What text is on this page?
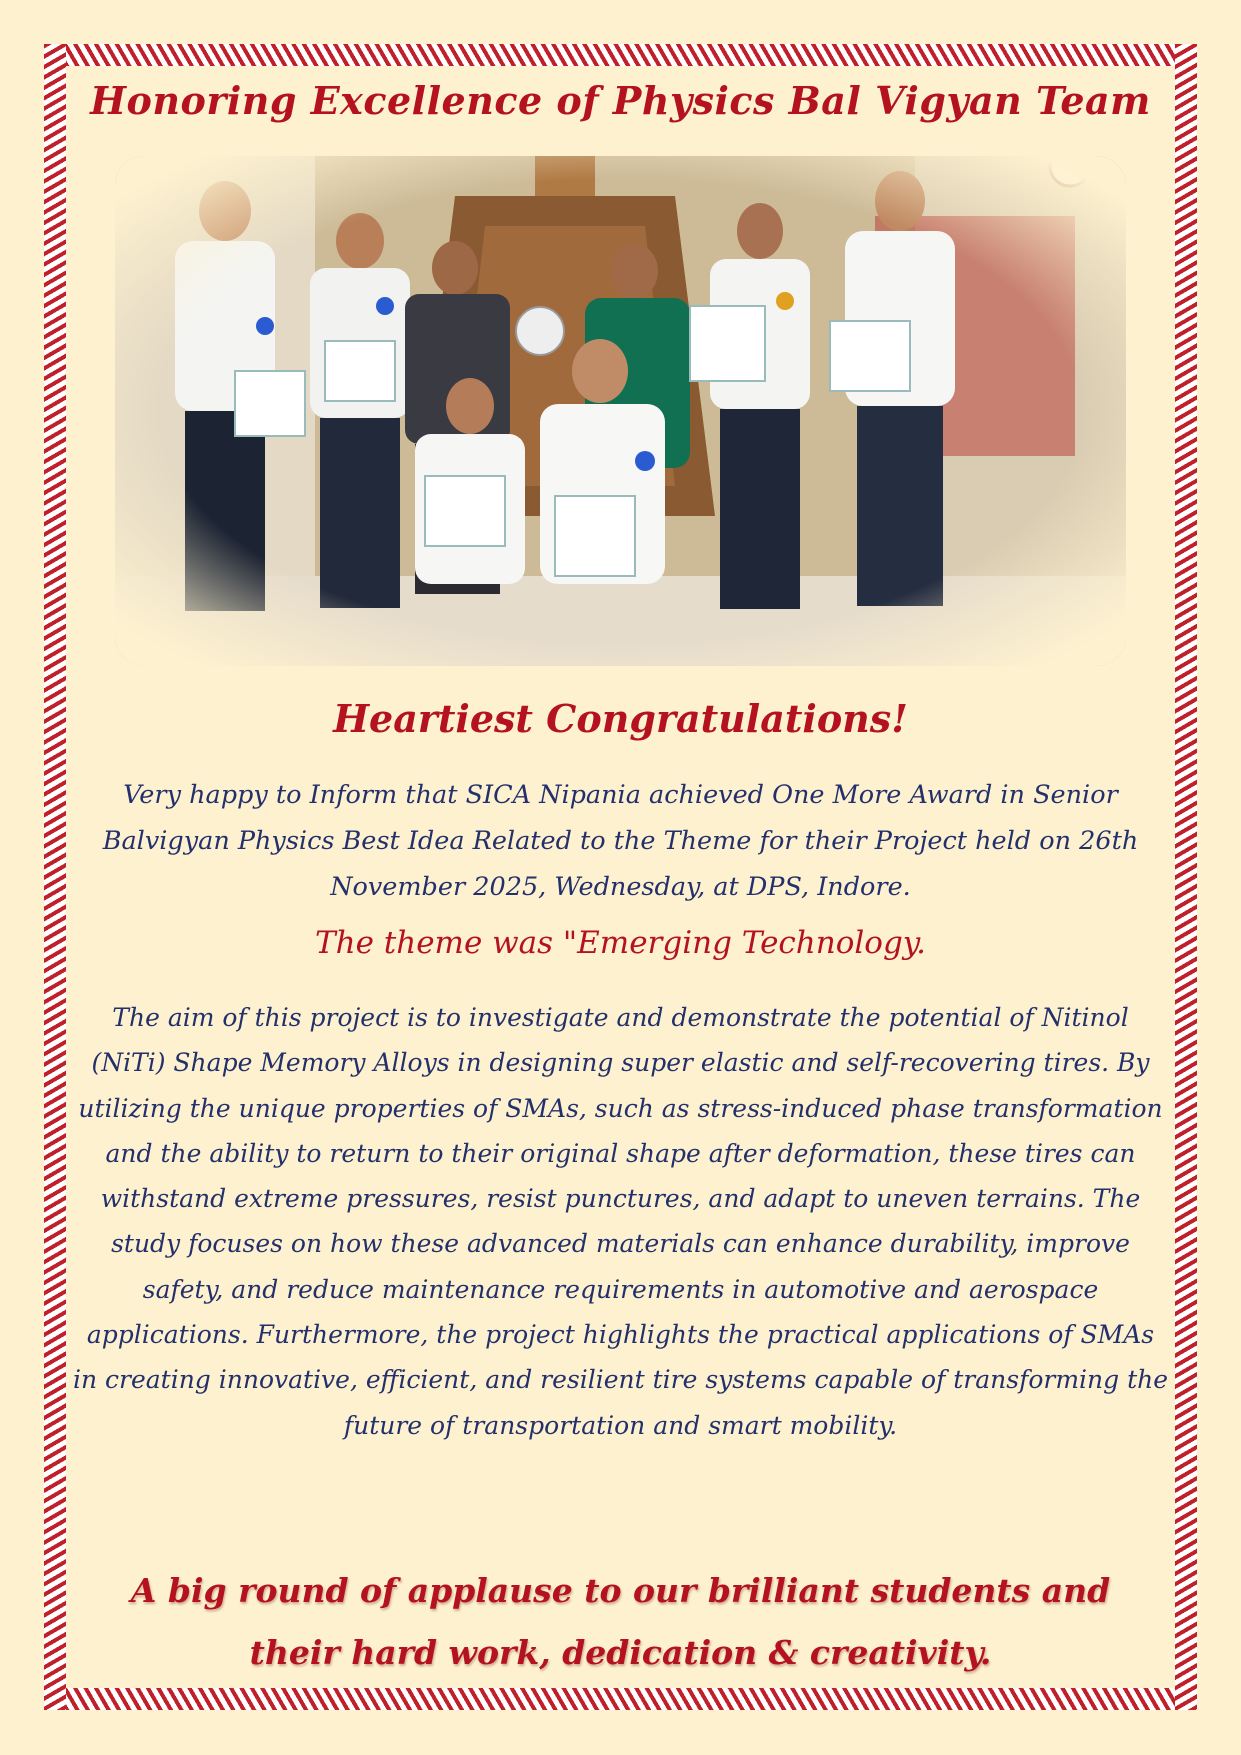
Honoring Excellence of Physics Bal Vigyan Team
Heartiest Congratulations!
Very happy to Inform that SICA Nipania achieved One More Award in Senior Balvigyan Physics Best Idea Related to the Theme for their Project held on 26th November 2025, Wednesday, at DPS, Indore.
The theme was "Emerging Technology.
The aim of this project is to investigate and demonstrate the potential of Nitinol (NiTi) Shape Memory Alloys in designing super elastic and self-recovering tires. By utilizing the unique properties of SMAs, such as stress-induced phase transformation and the ability to return to their original shape after deformation, these tires can withstand extreme pressures, resist punctures, and adapt to uneven terrains. The study focuses on how these advanced materials can enhance durability, improve safety, and reduce maintenance requirements in automotive and aerospace applications. Furthermore, the project highlights the practical applications of SMAs in creating innovative, efficient, and resilient tire systems capable of transforming the future of transportation and smart mobility.
A big round of applause to our brilliant students and their hard work, dedication & creativity.
